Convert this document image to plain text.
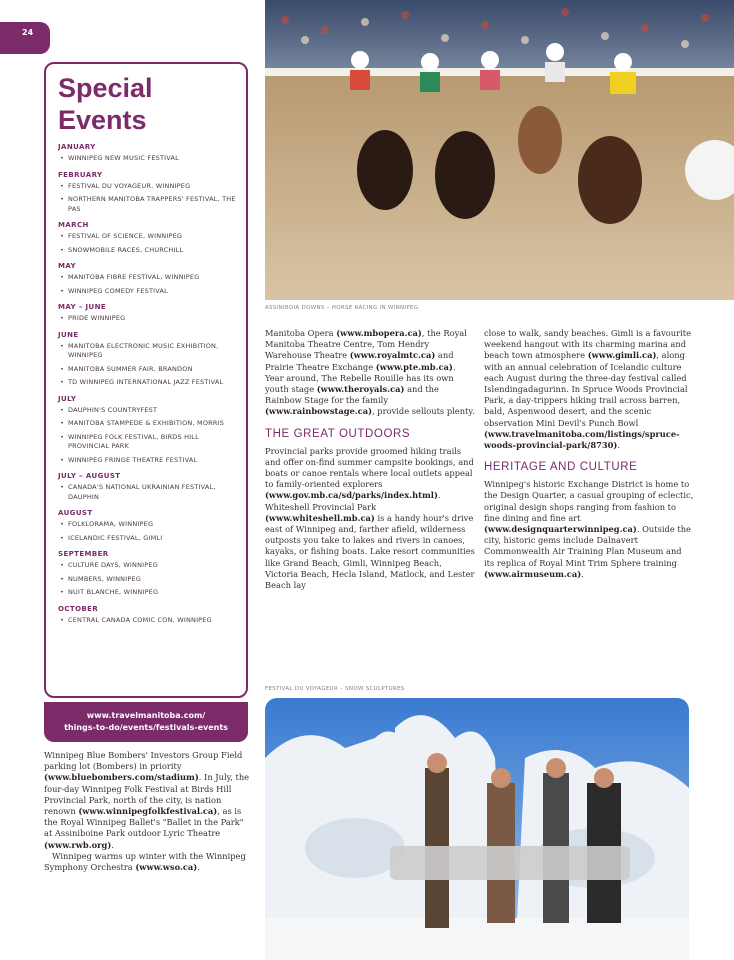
24
Special Events
JANUARY
• WINNIPEG NEW MUSIC FESTIVAL
FEBRUARY
• FESTIVAL DU VOYAGEUR, WINNIPEG
• NORTHERN MANITOBA TRAPPERS' FESTIVAL, THE PAS
MARCH
• FESTIVAL OF SCIENCE, WINNIPEG
• SNOWMOBILE RACES, CHURCHILL
MAY
• MANITOBA FIBRE FESTIVAL, WINNIPEG
• WINNIPEG COMEDY FESTIVAL
MAY – JUNE
• PRIDE WINNIPEG
JUNE
• MANITOBA ELECTRONIC MUSIC EXHIBITION, WINNIPEG
• MANITOBA SUMMER FAIR, BRANDON
• TD WINNIPEG INTERNATIONAL JAZZ FESTIVAL
JULY
• DAUPHIN'S COUNTRYFEST
• MANITOBA STAMPEDE & EXHIBITION, MORRIS
• WINNIPEG FOLK FESTIVAL, BIRDS HILL PROVINCIAL PARK
• WINNIPEG FRINGE THEATRE FESTIVAL
JULY – AUGUST
• CANADA'S NATIONAL UKRAINIAN FESTIVAL, DAUPHIN
AUGUST
• FOLKLORAMA, WINNIPEG
• ICELANDIC FESTIVAL, GIMLI
SEPTEMBER
• CULTURE DAYS, WINNIPEG
• NUMBERS, WINNIPEG
• NUIT BLANCHE, WINNIPEG
OCTOBER
• CENTRAL CANADA COMIC CON, WINNIPEG
www.travelmanitoba.com/
things-to-do/events/festivals-events

Winnipeg Blue Bombers' Investors Group Field parking lot (Bombers) in priority (www.bluebombers.com/stadium). In July, the four-day Winnipeg Folk Festival at Birds Hill Provincial Park, north of the city, is nation renown (www.winnipegfolkfestival.ca), as is the Royal Winnipeg Ballet's "Ballet in the Park" at Assiniboine Park outdoor Lyric Theatre (www.rwb.org).

Winnipeg warms up winter with the Winnipeg Symphony Orchestra (www.wso.ca).

ASSINIBOIA DOWNS – HORSE RACING IN WINNIPEG

Manitoba Opera (www.mbopera.ca), the Royal Manitoba Theatre Centre, Tom Hendry Warehouse Theatre (www.royalmtc.ca) and Prairie Theatre Exchange (www.pte.mb.ca). Year around, The Rebelle Rouille has its own youth stage (www.theroyals.ca) and the Rainbow Stage for the family (www.rainbowstage.ca), provide sellouts plenty.

THE GREAT OUTDOORS

Provincial parks provide groomed hiking trails and offer on-find summer campsite bookings, and boats or canoe rentals where local outlets appeal to family-oriented explorers (www.gov.mb.ca/sd/parks/index.html). Whiteshell Provincial Park (www.whiteshell.mb.ca) is a handy hour's drive east of Winnipeg and, farther afield, wilderness outposts you take to lakes and rivers in canoes, kayaks, or fishing boats. Lake resort communities like Grand Beach, Gimli, Winnipeg Beach, Victoria Beach, Hecla Island, Matlock, and Lester Beach lay

close to walk, sandy beaches. Gimli is a favourite weekend hangout with its charming marina and beach town atmosphere (www.gimli.ca), along with an annual celebration of Icelandic culture each August during the three-day festival called Islendingadagurinn. In Spruce Woods Provincial Park, a day-trippers hiking trail across barren, bald, Aspenwood desert, and the scenic observation Mini Devil's Punch Bowl (www.travelmanitoba.com/listings/spruce-woods-provincial-park/8730).

HERITAGE AND CULTURE

Winnipeg's historic Exchange District is home to the Design Quarter, a casual grouping of eclectic, original design shops ranging from fashion to fine dining and fine art (www.designquarterwinnipeg.ca). Outside the city, historic gems include Dalnavert Commonwealth Air Training Plan Museum and its replica of Royal Mint Trim Sphere training (www.airmuseum.ca).

FESTIVAL DU VOYAGEUR – SNOW SCULPTURES
